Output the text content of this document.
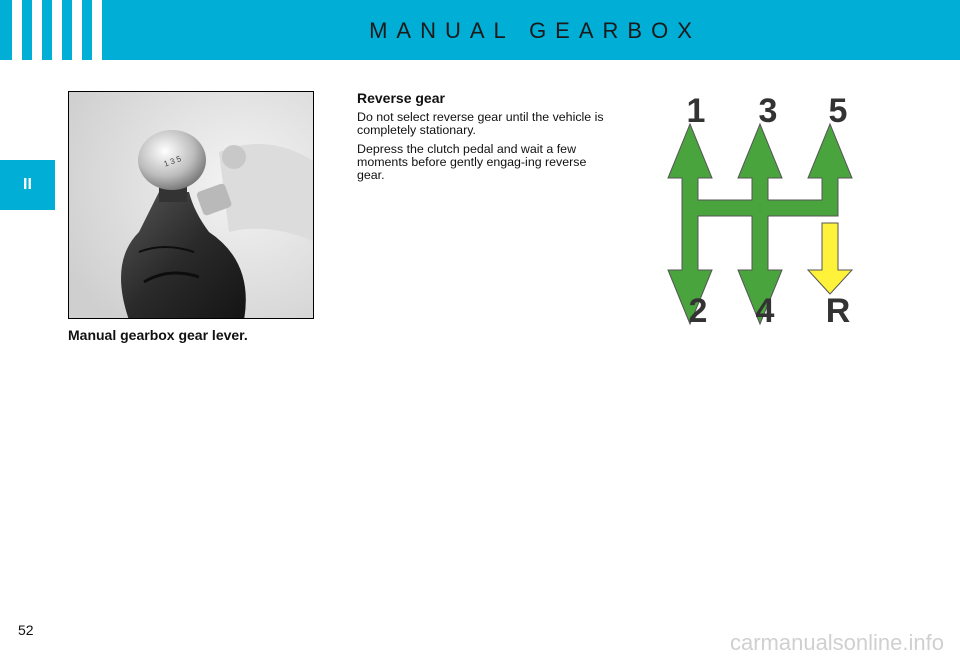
MANUAL GEARBOX
II
1 3 5
Manual gearbox gear lever.
Reverse gear

Do not select reverse gear until the vehicle is completely stationary.

Depress the clutch pedal and wait a few moments before gently engag-ing reverse gear.

1 3 5
2 4 R
52	carmanualsonline.info
